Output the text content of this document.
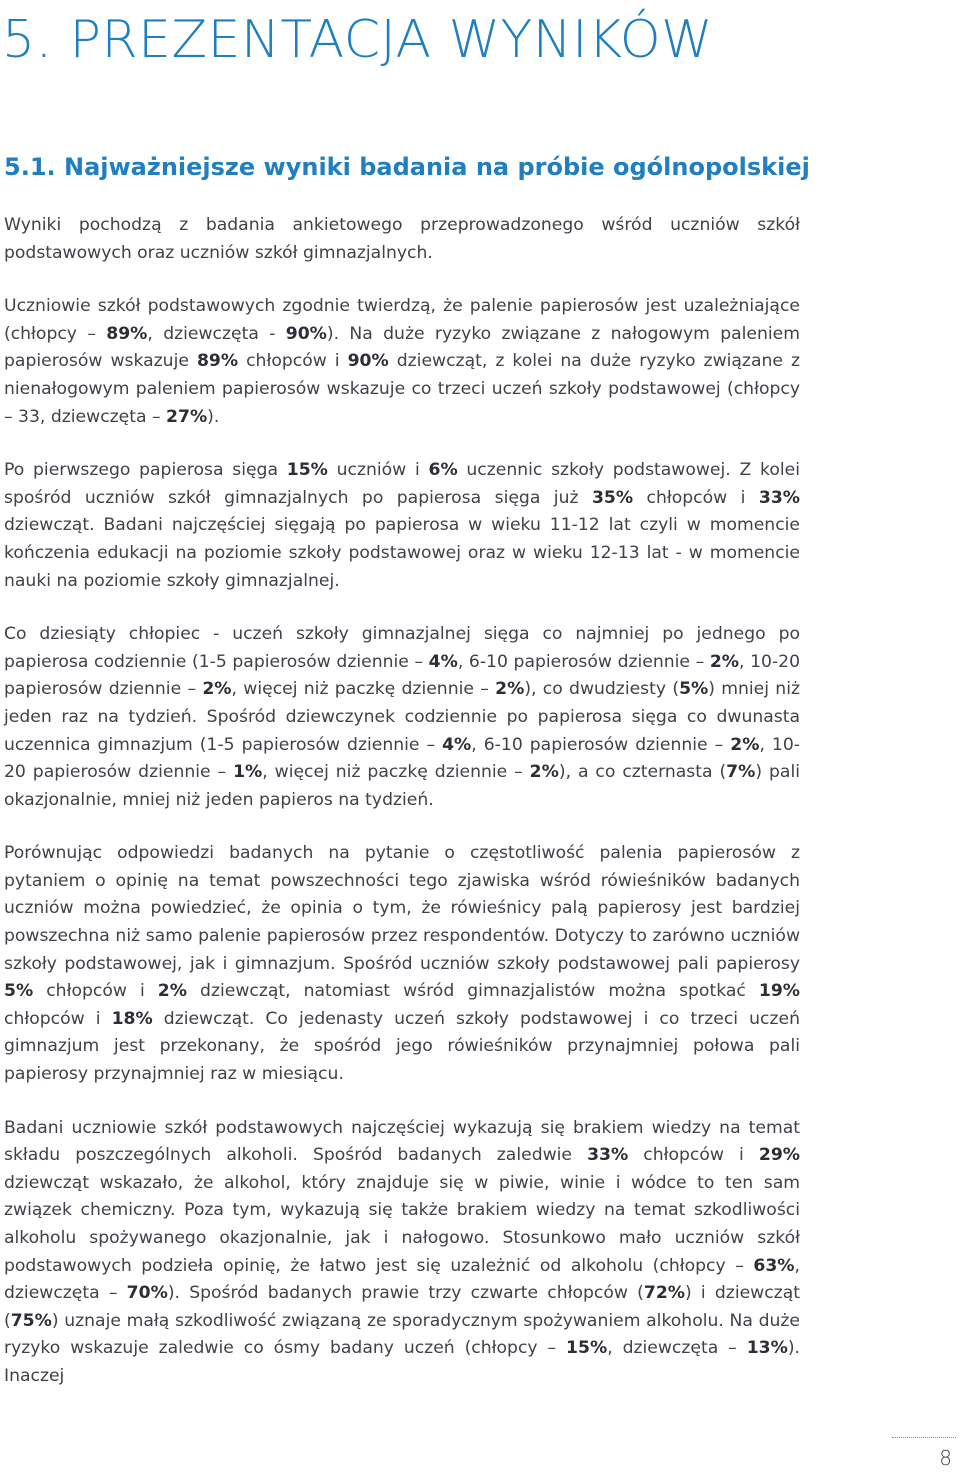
5. PREZENTACJA WYNIKÓW
5.1. Najważniejsze wyniki badania na próbie ogólnopolskiej

Wyniki pochodzą z badania ankietowego przeprowadzonego wśród uczniów szkół podstawowych oraz uczniów szkół gimnazjalnych.

Uczniowie szkół podstawowych zgodnie twierdzą, że palenie papierosów jest uzależniające (chłopcy – 89%, dziewczęta - 90%). Na duże ryzyko związane z nałogowym paleniem papierosów wskazuje 89% chłopców i 90% dziewcząt, z kolei na duże ryzyko związane z nienałogowym paleniem papierosów wskazuje co trzeci uczeń szkoły podstawowej (chłopcy – 33, dziewczęta – 27%).

Po pierwszego papierosa sięga 15% uczniów i 6% uczennic szkoły podstawowej. Z kolei spośród uczniów szkół gimnazjalnych po papierosa sięga już 35% chłopców i 33% dziewcząt. Badani najczęściej sięgają po papierosa w wieku 11-12 lat czyli w momencie kończenia edukacji na poziomie szkoły podstawowej oraz w wieku 12-13 lat - w momencie nauki na poziomie szkoły gimnazjalnej.

Co dziesiąty chłopiec - uczeń szkoły gimnazjalnej sięga co najmniej po jednego po papierosa codziennie (1-5 papierosów dziennie – 4%, 6-10 papierosów dziennie – 2%, 10-20 papierosów dziennie – 2%, więcej niż paczkę dziennie – 2%), co dwudziesty (5%) mniej niż jeden raz na tydzień. Spośród dziewczynek codziennie po papierosa sięga co dwunasta uczennica gimnazjum (1-5 papierosów dziennie – 4%, 6-10 papierosów dziennie – 2%, 10-20 papierosów dziennie – 1%, więcej niż paczkę dziennie – 2%), a co czternasta (7%) pali okazjonalnie, mniej niż jeden papieros na tydzień.

Porównując odpowiedzi badanych na pytanie o częstotliwość palenia papierosów z pytaniem o opinię na temat powszechności tego zjawiska wśród rówieśników badanych uczniów można powiedzieć, że opinia o tym, że rówieśnicy palą papierosy jest bardziej powszechna niż samo palenie papierosów przez respondentów. Dotyczy to zarówno uczniów szkoły podstawowej, jak i gimnazjum. Spośród uczniów szkoły podstawowej pali papierosy 5% chłopców i 2% dziewcząt, natomiast wśród gimnazjalistów można spotkać 19% chłopców i 18% dziewcząt. Co jedenasty uczeń szkoły podstawowej i co trzeci uczeń gimnazjum jest przekonany, że spośród jego rówieśników przynajmniej połowa pali papierosy przynajmniej raz w miesiącu.

Badani uczniowie szkół podstawowych najczęściej wykazują się brakiem wiedzy na temat składu poszczególnych alkoholi. Spośród badanych zaledwie 33% chłopców i 29% dziewcząt wskazało, że alkohol, który znajduje się w piwie, winie i wódce to ten sam związek chemiczny. Poza tym, wykazują się także brakiem wiedzy na temat szkodliwości alkoholu spożywanego okazjonalnie, jak i nałogowo. Stosunkowo mało uczniów szkół podstawowych podzieła opinię, że łatwo jest się uzależnić od alkoholu (chłopcy – 63%, dziewczęta – 70%). Spośród badanych prawie trzy czwarte chłopców (72%) i dziewcząt (75%) uznaje małą szkodliwość związaną ze sporadycznym spożywaniem alkoholu. Na duże ryzyko wskazuje zaledwie co ósmy badany uczeń (chłopcy – 15%, dziewczęta – 13%). Inaczej

8
